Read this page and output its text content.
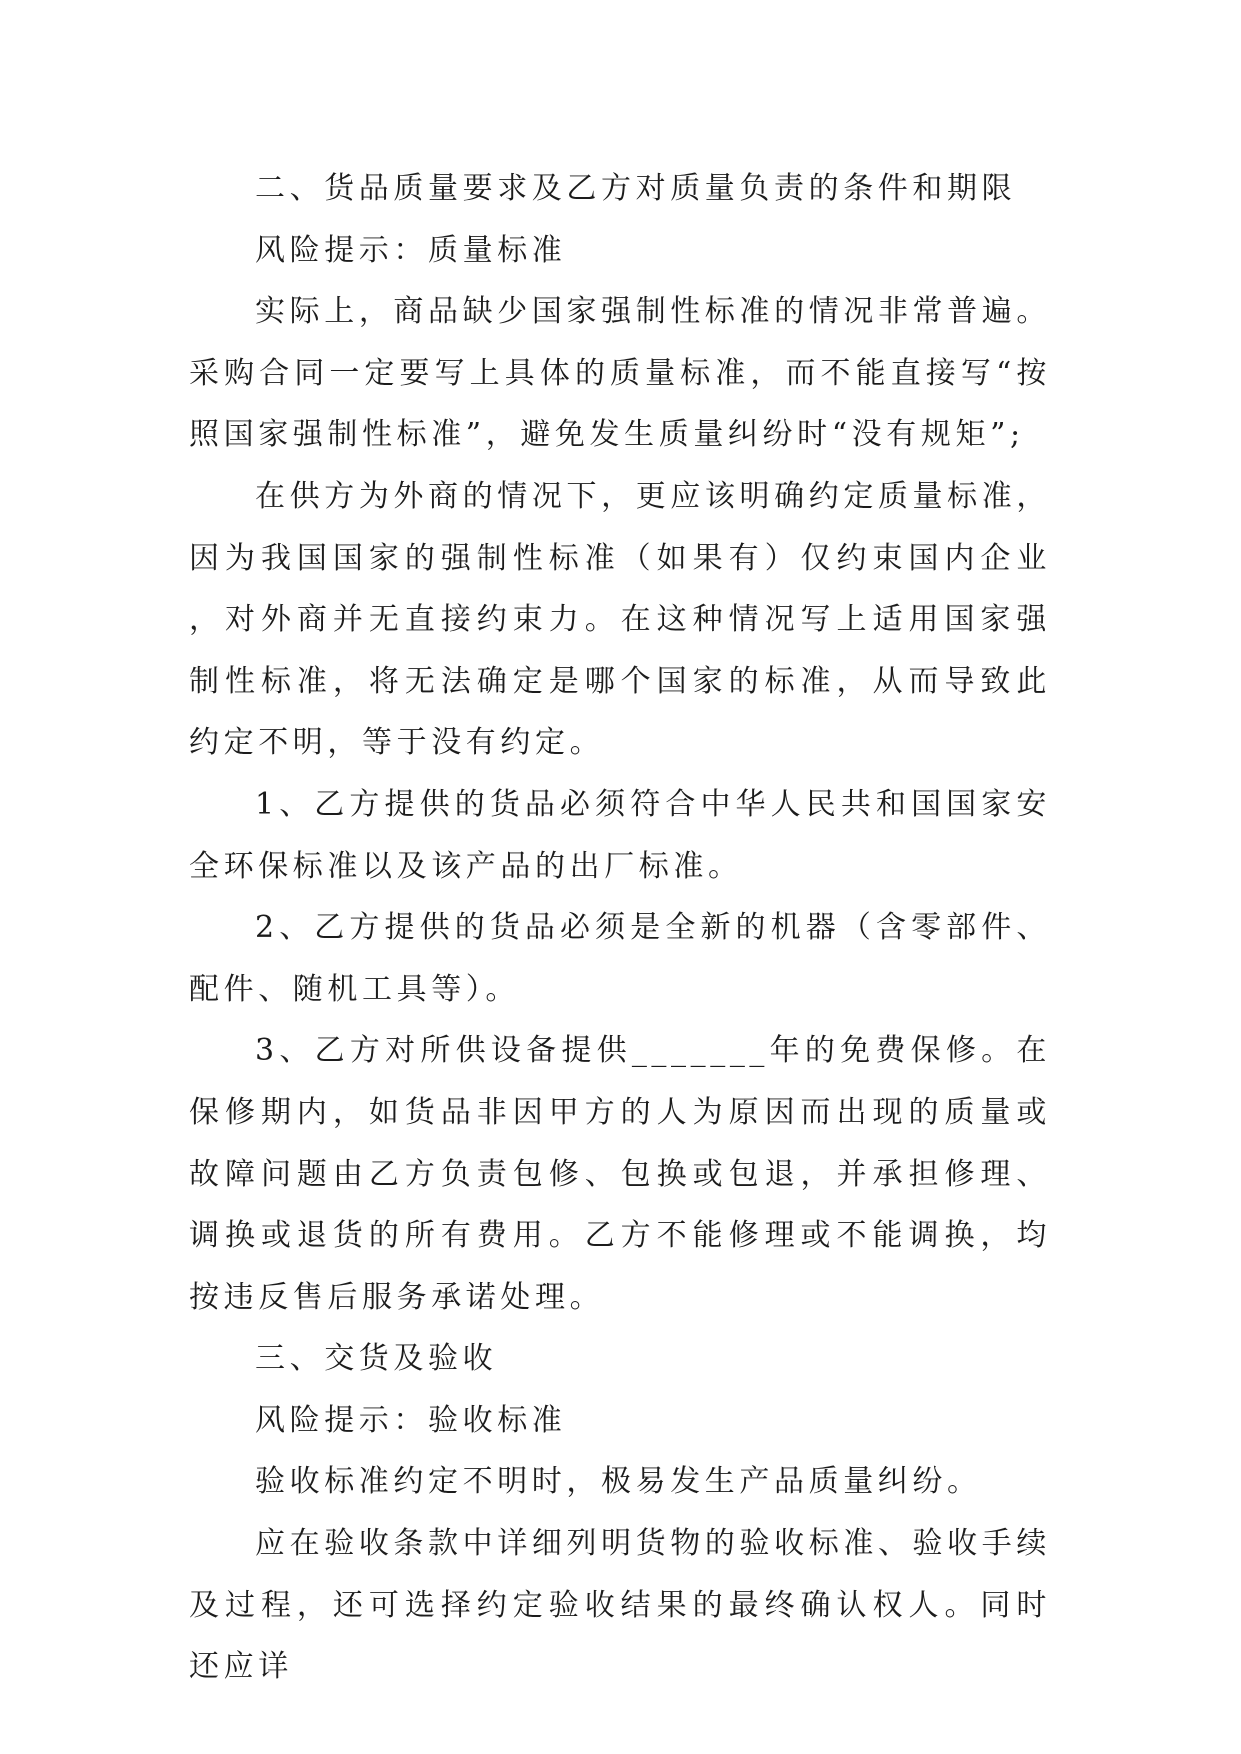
二、货品质量要求及乙方对质量负责的条件和期限

风险提示：质量标准

实际上，商品缺少国家强制性标准的情况非常普遍。采购合同一定要写上具体的质量标准，而不能直接写“按照国家强制性标准”，避免发生质量纠纷时“没有规矩”;

在供方为外商的情况下，更应该明确约定质量标准，因为我国国家的强制性标准（如果有）仅约束国内企业，对外商并无直接约束力。在这种情况写上适用国家强制性标准，将无法确定是哪个国家的标准，从而导致此约定不明，等于没有约定。

1、乙方提供的货品必须符合中华人民共和国国家安全环保标准以及该产品的出厂标准。

2、乙方提供的货品必须是全新的机器（含零部件、配件、随机工具等）。

3、乙方对所供设备提供_______年的免费保修。在保修期内，如货品非因甲方的人为原因而出现的质量或故障问题由乙方负责包修、包换或包退，并承担修理、调换或退货的所有费用。乙方不能修理或不能调换，均按违反售后服务承诺处理。

三、交货及验收

风险提示：验收标准

验收标准约定不明时，极易发生产品质量纠纷。

应在验收条款中详细列明货物的验收标准、验收手续及过程，还可选择约定验收结果的最终确认权人。同时还应详
